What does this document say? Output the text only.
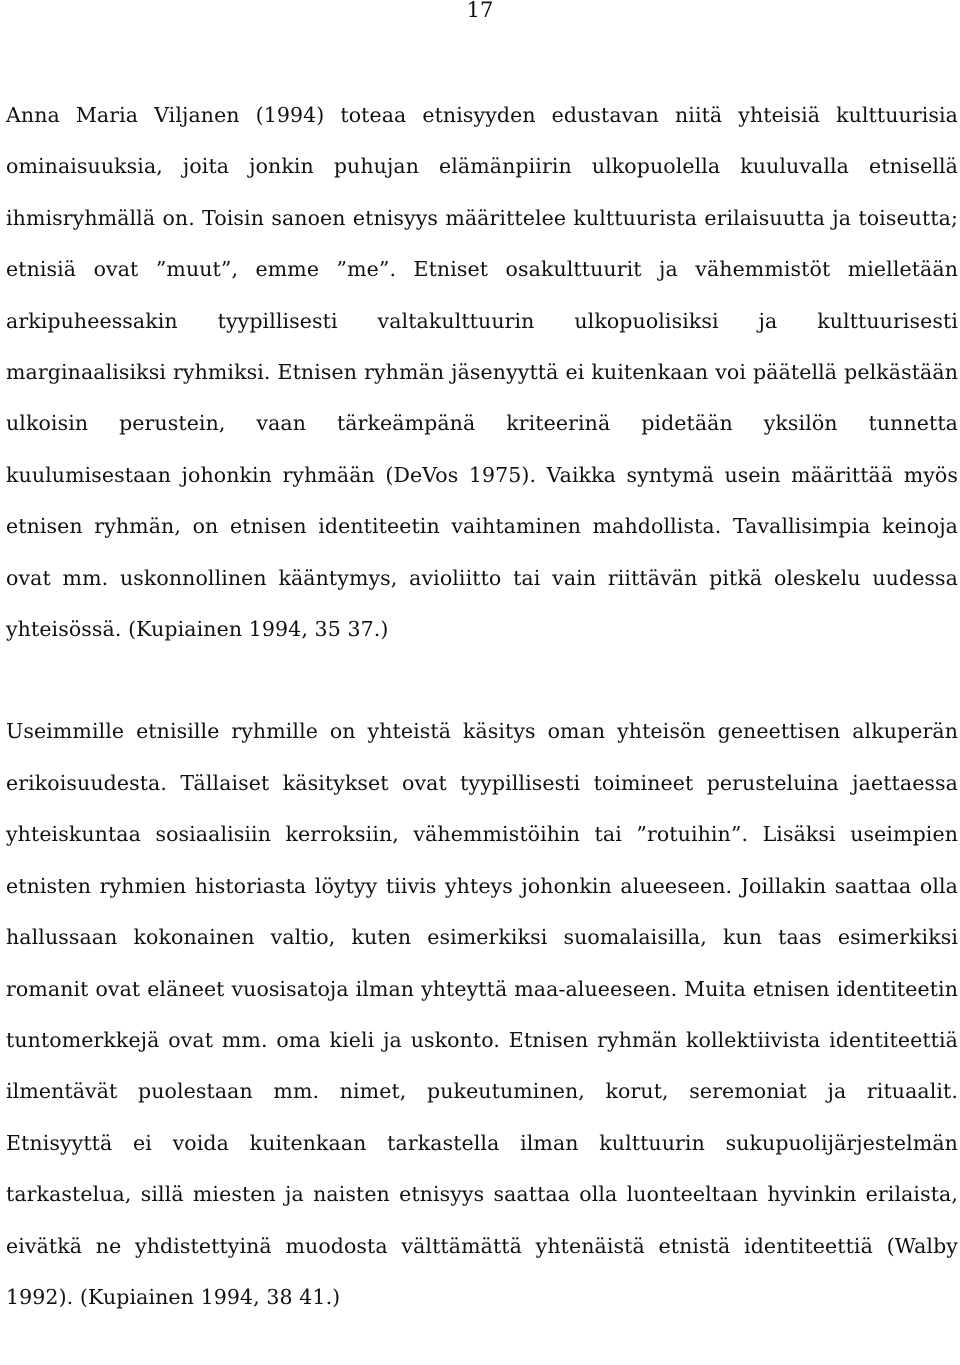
17

Anna Maria Viljanen (1994) toteaa etnisyyden edustavan niitä yhteisiä kulttuurisia ominaisuuksia, joita jonkin puhujan elämänpiirin ulkopuolella kuuluvalla etnisellä ihmisryhmällä on. Toisin sanoen etnisyys määrittelee kulttuurista erilaisuutta ja toiseutta; etnisiä ovat ”muut”, emme ”me”. Etniset osakulttuurit ja vähemmistöt mielletään arkipuheessakin tyypillisesti valtakulttuurin ulkopuolisiksi ja kulttuurisesti marginaalisiksi ryhmiksi. Etnisen ryhmän jäsenyyttä ei kuitenkaan voi päätellä pelkästään ulkoisin perustein, vaan tärkeämpänä kriteerinä pidetään yksilön tunnetta kuulumisestaan johonkin ryhmään (DeVos 1975). Vaikka syntymä usein määrittää myös etnisen ryhmän, on etnisen identiteetin vaihtaminen mahdollista. Tavallisimpia keinoja ovat mm. uskonnollinen kääntymys, avioliitto tai vain riittävän pitkä oleskelu uudessa yhteisössä. (Kupiainen 1994, 35 37.)

Useimmille etnisille ryhmille on yhteistä käsitys oman yhteisön geneettisen alkuperän erikoisuudesta. Tällaiset käsitykset ovat tyypillisesti toimineet perusteluina jaettaessa yhteiskuntaa sosiaalisiin kerroksiin, vähemmistöihin tai ”rotuihin”. Lisäksi useimpien etnisten ryhmien historiasta löytyy tiivis yhteys johonkin alueeseen. Joillakin saattaa olla hallussaan kokonainen valtio, kuten esimerkiksi suomalaisilla, kun taas esimerkiksi romanit ovat eläneet vuosisatoja ilman yhteyttä maa-alueeseen. Muita etnisen identiteetin tuntomerkkejä ovat mm. oma kieli ja uskonto. Etnisen ryhmän kollektiivista identiteettiä ilmentävät puolestaan mm. nimet, pukeutuminen, korut, seremoniat ja rituaalit. Etnisyyttä ei voida kuitenkaan tarkastella ilman kulttuurin sukupuolijärjestelmän tarkastelua, sillä miesten ja naisten etnisyys saattaa olla luonteeltaan hyvinkin erilaista, eivätkä ne yhdistettyinä muodosta välttämättä yhtenäistä etnistä identiteettiä (Walby 1992). (Kupiainen 1994, 38 41.)
